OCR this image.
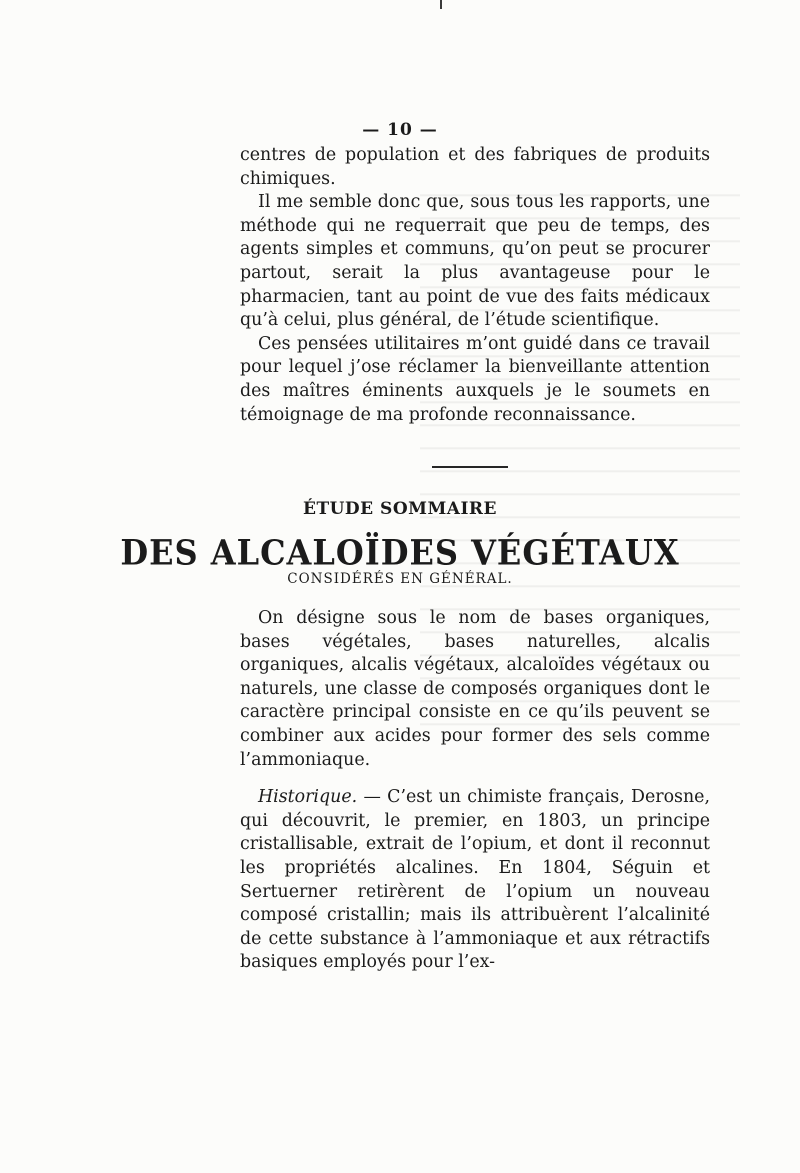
— 10 —

centres de population et des fabriques de produits chimiques.

Il me semble donc que, sous tous les rapports, une méthode qui ne requerrait que peu de temps, des agents simples et communs, qu’on peut se procurer partout, serait la plus avantageuse pour le pharmacien, tant au point de vue des faits médicaux qu’à celui, plus général, de l’étude scientifique.

Ces pensées utilitaires m’ont guidé dans ce travail pour lequel j’ose réclamer la bienveillante attention des maîtres éminents auxquels je le soumets en témoignage de ma profonde reconnaissance.

ÉTUDE SOMMAIRE
DES ALCALOÏDES VÉGÉTAUX
CONSIDÉRÉS EN GÉNÉRAL.

On désigne sous le nom de bases organiques, bases végétales, bases naturelles, alcalis organiques, alcalis végétaux, alcaloïdes végétaux ou naturels, une classe de composés organiques dont le caractère principal consiste en ce qu’ils peuvent se combiner aux acides pour former des sels comme l’ammoniaque.

Historique. — C’est un chimiste français, Derosne, qui découvrit, le premier, en 1803, un principe cristallisable, extrait de l’opium, et dont il reconnut les propriétés alcalines. En 1804, Séguin et Sertuerner retirèrent de l’opium un nouveau composé cristallin; mais ils attribuèrent l’alcalinité de cette substance à l’ammoniaque et aux rétractifs basiques employés pour l’ex-
